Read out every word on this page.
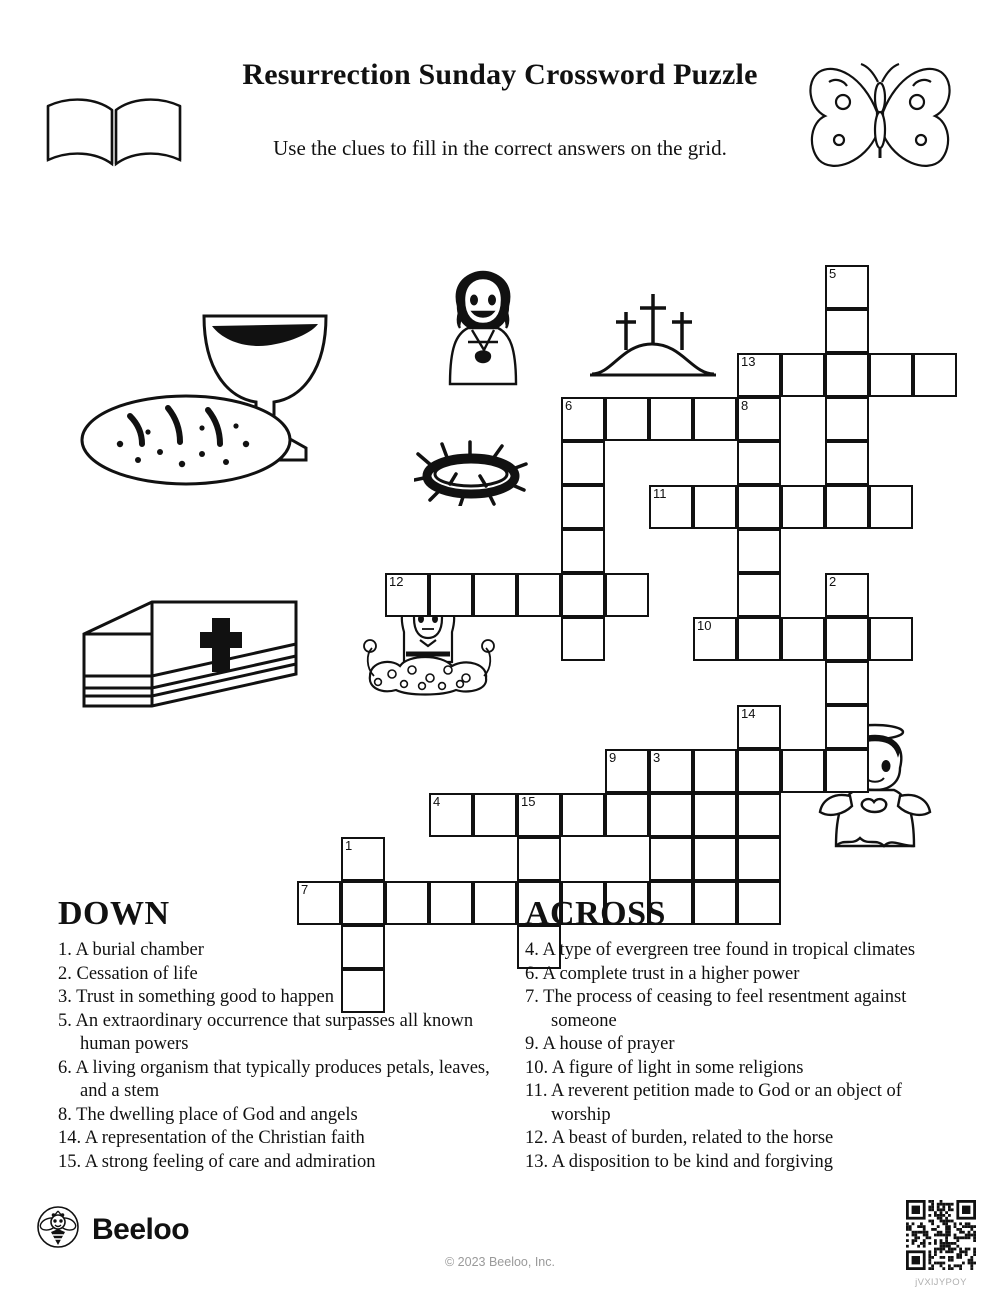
Resurrection Sunday Crossword Puzzle
Use the clues to fill in the correct answers on the grid.
5
13
6	8
11
12	2
10
14
9	3
4	15
1
7
DOWN
1. A burial chamber
2. Cessation of life
3. Trust in something good to happen
5. An extraordinary occurrence that surpasses all known human powers
6. A living organism that typically produces petals, leaves, and a stem
8. The dwelling place of God and angels
14. A representation of the Christian faith
15. A strong feeling of care and admiration
ACROSS
4. A type of evergreen tree found in tropical climates
6. A complete trust in a higher power
7. The process of ceasing to feel resentment against someone
9. A house of prayer
10. A figure of light in some religions
11. A reverent petition made to God or an object of worship
12. A beast of burden, related to the horse
13. A disposition to be kind and forgiving
Beeloo
© 2023 Beeloo, Inc.
jVXlJYPOY
